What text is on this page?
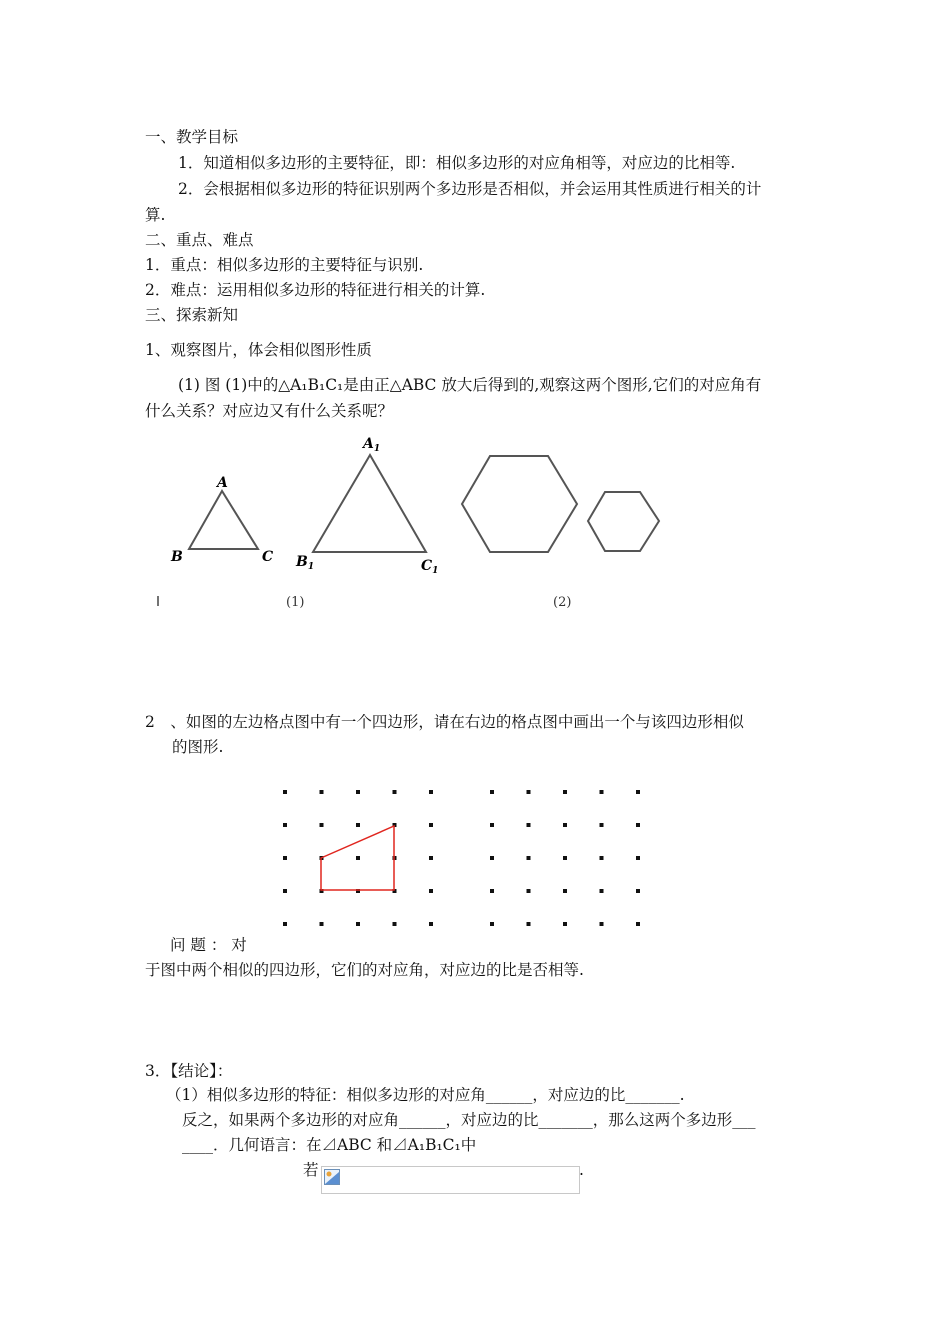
一、教学目标
1．知道相似多边形的主要特征，即：相似多边形的对应角相等，对应边的比相等.
2．会根据相似多边形的特征识别两个多边形是否相似，并会运用其性质进行相关的计
算.
二、重点、难点
1．重点：相似多边形的主要特征与识别.
2．难点：运用相似多边形的特征进行相关的计算.
三、探索新知
1、观察图片，体会相似图形性质
(1) 图 (1)中的△A₁B₁C₁是由正△ABC 放大后得到的,观察这两个图形,它们的对应角有
什么关系？对应边又有什么关系呢？
A
B	C
$A_1$
$B_1$	$C_1$
(1)	(2)
2　、如图的左边格点图中有一个四边形，请在右边的格点图中画出一个与该四边形相似
的图形.
问 题 ： 对
于图中两个相似的四边形，它们的对应角，对应边的比是否相等.
3．【结论】：
（1）相似多边形的特征：相似多边形的对应角______，对应边的比_______.
反之，如果两个多边形的对应角______，对应边的比_______，那么这两个多边形___
____．几何语言：在⊿ABC 和⊿A₁B₁C₁中
若	.
